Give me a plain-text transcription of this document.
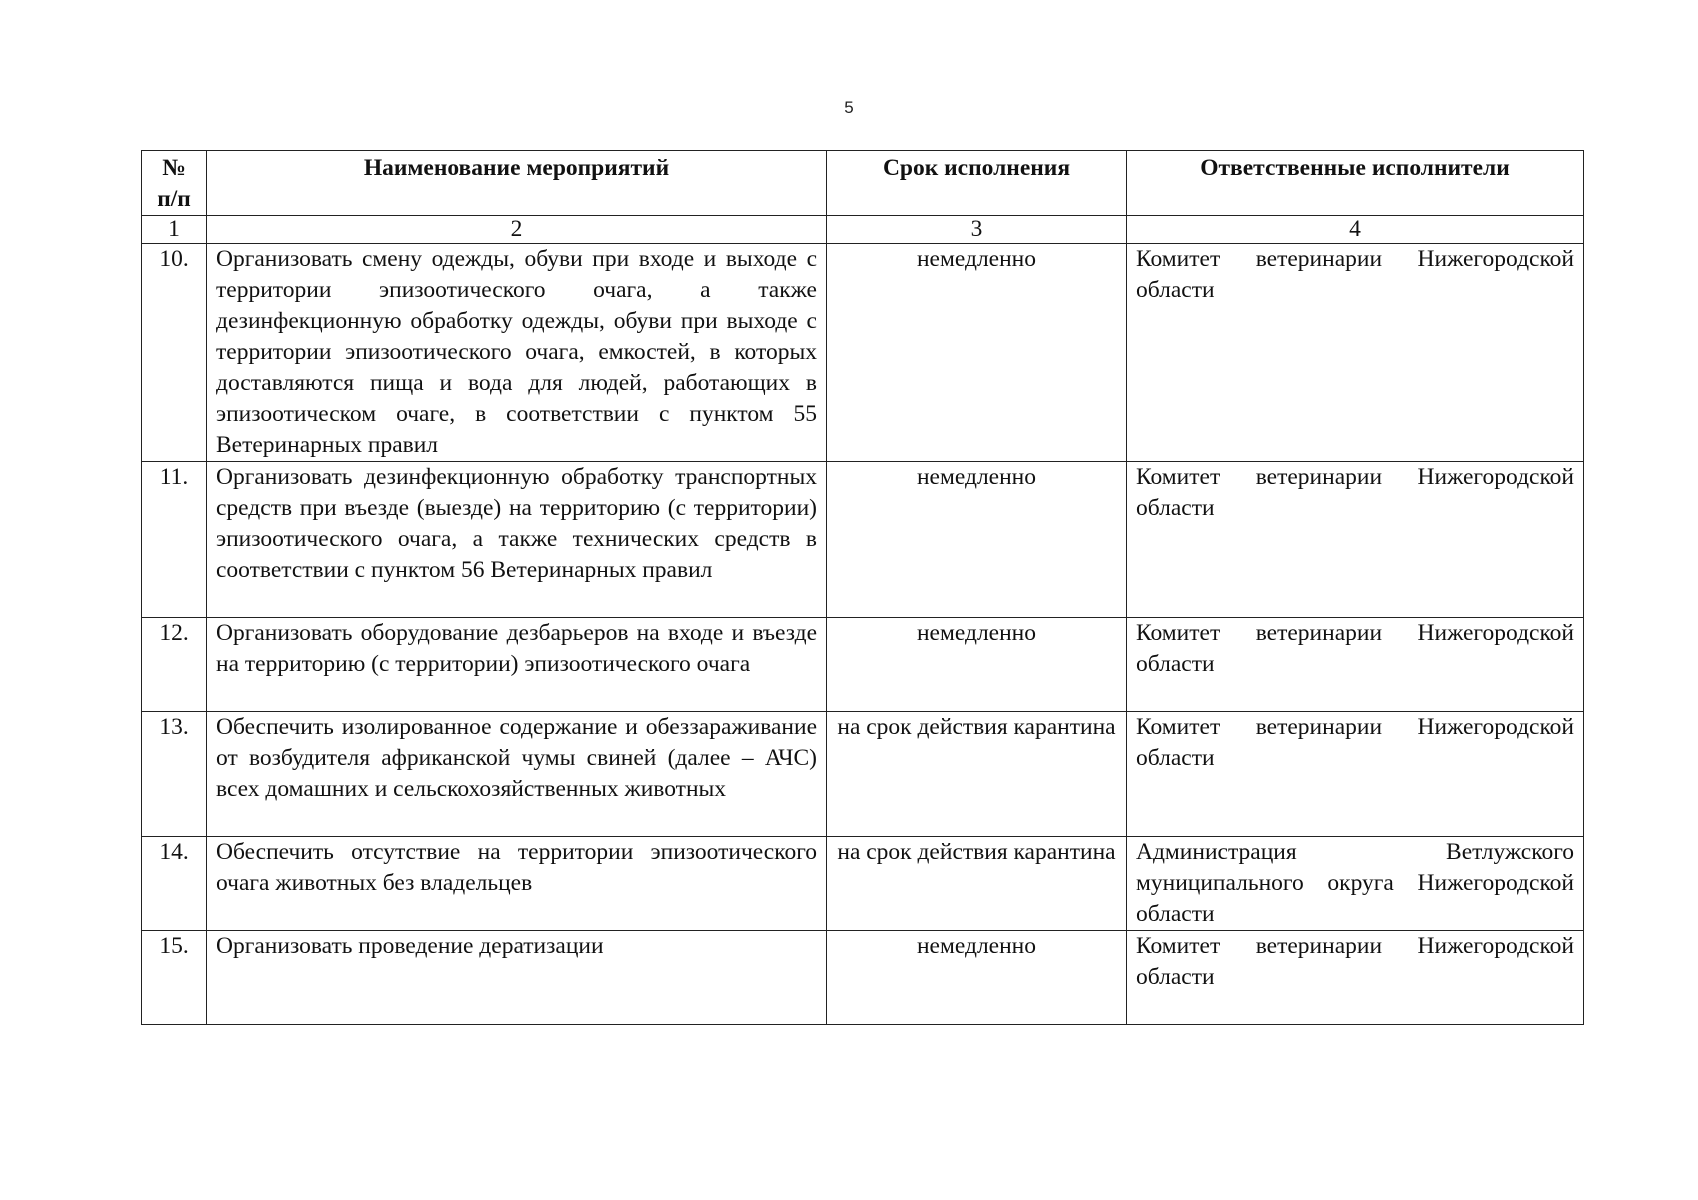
5
№ п/п	Наименование мероприятий	Срок исполнения	Ответственные исполнители
1	2	3	4
10.	Организовать смену одежды, обуви при входе и выходе с территории эпизоотического очага, а также дезинфекционную обработку одежды, обуви при выходе с территории эпизоотического очага, емкостей, в которых доставляются пища и вода для людей, работающих в эпизоотическом очаге, в соответствии с пунктом 55 Ветеринарных правил	немедленно	Комитет ветеринарии Нижегородской области
11.	Организовать дезинфекционную обработку транспортных средств при въезде (выезде) на территорию (с территории) эпизоотического очага, а также технических средств в соответствии с пунктом 56 Ветеринарных правил	немедленно	Комитет ветеринарии Нижегородской области
12.	Организовать оборудование дезбарьеров на входе и въезде на территорию (с территории) эпизоотического очага	немедленно	Комитет ветеринарии Нижегородской области
13.	Обеспечить изолированное содержание и обеззараживание от возбудителя африканской чумы свиней (далее – АЧС) всех домашних и сельскохозяйственных животных	на срок действия карантина	Комитет ветеринарии Нижегородской области
14.	Обеспечить отсутствие на территории эпизоотического очага животных без владельцев	на срок действия карантина	Администрация Ветлужского муниципального округа Нижегородской области
15.	Организовать проведение дератизации	немедленно	Комитет ветеринарии Нижегородской области
